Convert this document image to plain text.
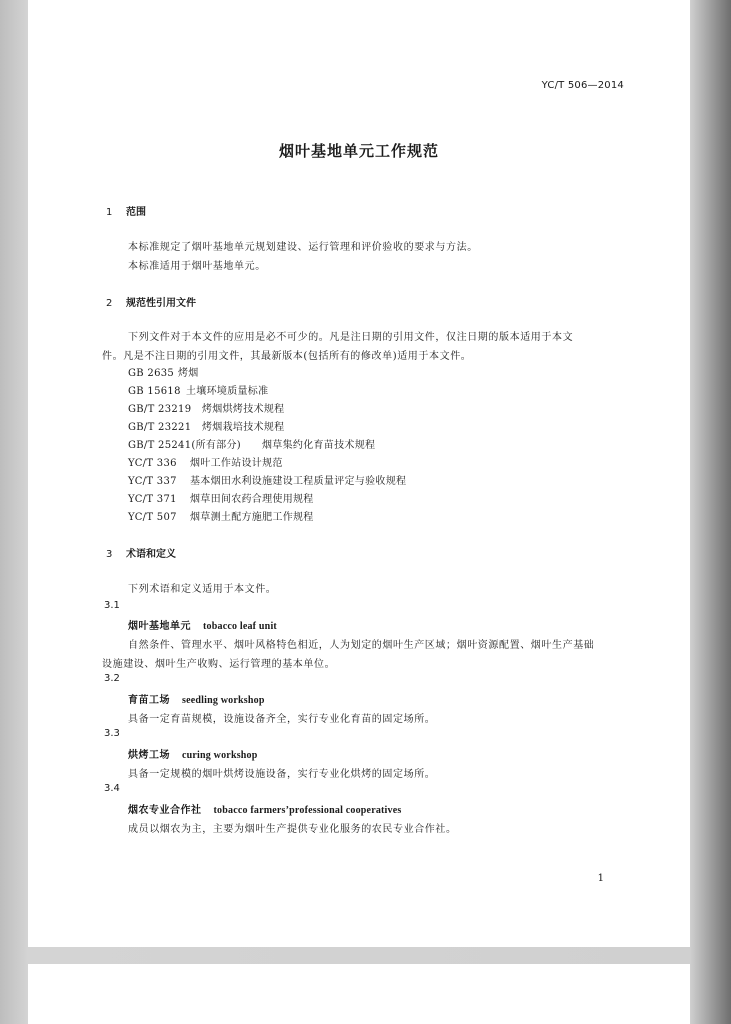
YC/T 506—2014
烟叶基地单元工作规范
1 范围
本标准规定了烟叶基地单元规划建设、运行管理和评价验收的要求与方法。
本标准适用于烟叶基地单元。
2 规范性引用文件
下列文件对于本文件的应用是必不可少的。凡是注日期的引用文件，仅注日期的版本适用于本文
件。凡是不注日期的引用文件，其最新版本(包括所有的修改单)适用于本文件。
GB 2635 烤烟
GB 15618 土壤环境质量标准
GB/T 23219 烤烟烘烤技术规程
GB/T 23221 烤烟栽培技术规程
GB/T 25241(所有部分) 烟草集约化育苗技术规程
YC/T 336 烟叶工作站设计规范
YC/T 337 基本烟田水利设施建设工程质量评定与验收规程
YC/T 371 烟草田间农药合理使用规程
YC/T 507 烟草测土配方施肥工作规程
3 术语和定义
下列术语和定义适用于本文件。
3.1
烟叶基地单元 tobacco leaf unit
自然条件、管理水平、烟叶风格特色相近，人为划定的烟叶生产区域；烟叶资源配置、烟叶生产基础
设施建设、烟叶生产收购、运行管理的基本单位。
3.2
育苗工场 seedling workshop
具备一定育苗规模，设施设备齐全，实行专业化育苗的固定场所。
3.3
烘烤工场 curing workshop
具备一定规模的烟叶烘烤设施设备，实行专业化烘烤的固定场所。
3.4
烟农专业合作社 tobacco farmers’professional cooperatives
成员以烟农为主，主要为烟叶生产提供专业化服务的农民专业合作社。
1
